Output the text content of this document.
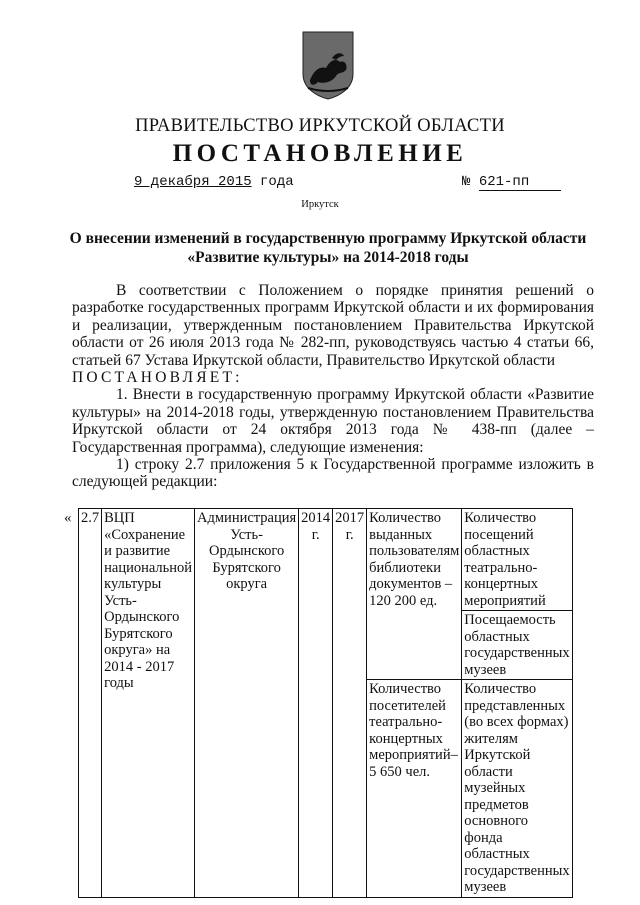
ПРАВИТЕЛЬСТВО ИРКУТСКОЙ ОБЛАСТИ
ПОСТАНОВЛЕНИЕ
9 декабря 2015 года	№ 621-пп
Иркутск
О внесении изменений в государственную программу Иркутской области
«Развитие культуры» на 2014-2018 годы

В соответствии с Положением о порядке принятия решений о разработке государственных программ Иркутской области и их формирования и реализации, утвержденным постановлением Правительства Иркутской области от 26 июля 2013 года № 282-пп, руководствуясь частью 4 статьи 66, статьей 67 Устава Иркутской области, Правительство Иркутской области

ПОСТАНОВЛЯЕТ:

1. Внести в государственную программу Иркутской области «Развитие культуры» на 2014-2018 годы, утвержденную постановлением Правительства Иркутской области от 24 октября 2013 года № 438-пп (далее – Государственная программа), следующие изменения:

1) строку 2.7 приложения 5 к Государственной программе изложить в следующей редакции:

« 2.7	ВЦП «Сохранение и развитие национальной культуры Усть-Ордынского Бурятского округа» на 2014 - 2017 годы	Администрация Усть-Ордынского Бурятского округа	2014 г.	2017 г.	Количество выданных пользователям библиотеки документов – 120 200 ед.	Количество посещений областных театрально-концертных мероприятий
						Посещаемость областных государственных музеев
					Количество посетителей театрально-концертных мероприятий– 5 650 чел.	Количество представленных (во всех формах) жителям Иркутской области музейных предметов основного фонда областных государственных музеев
